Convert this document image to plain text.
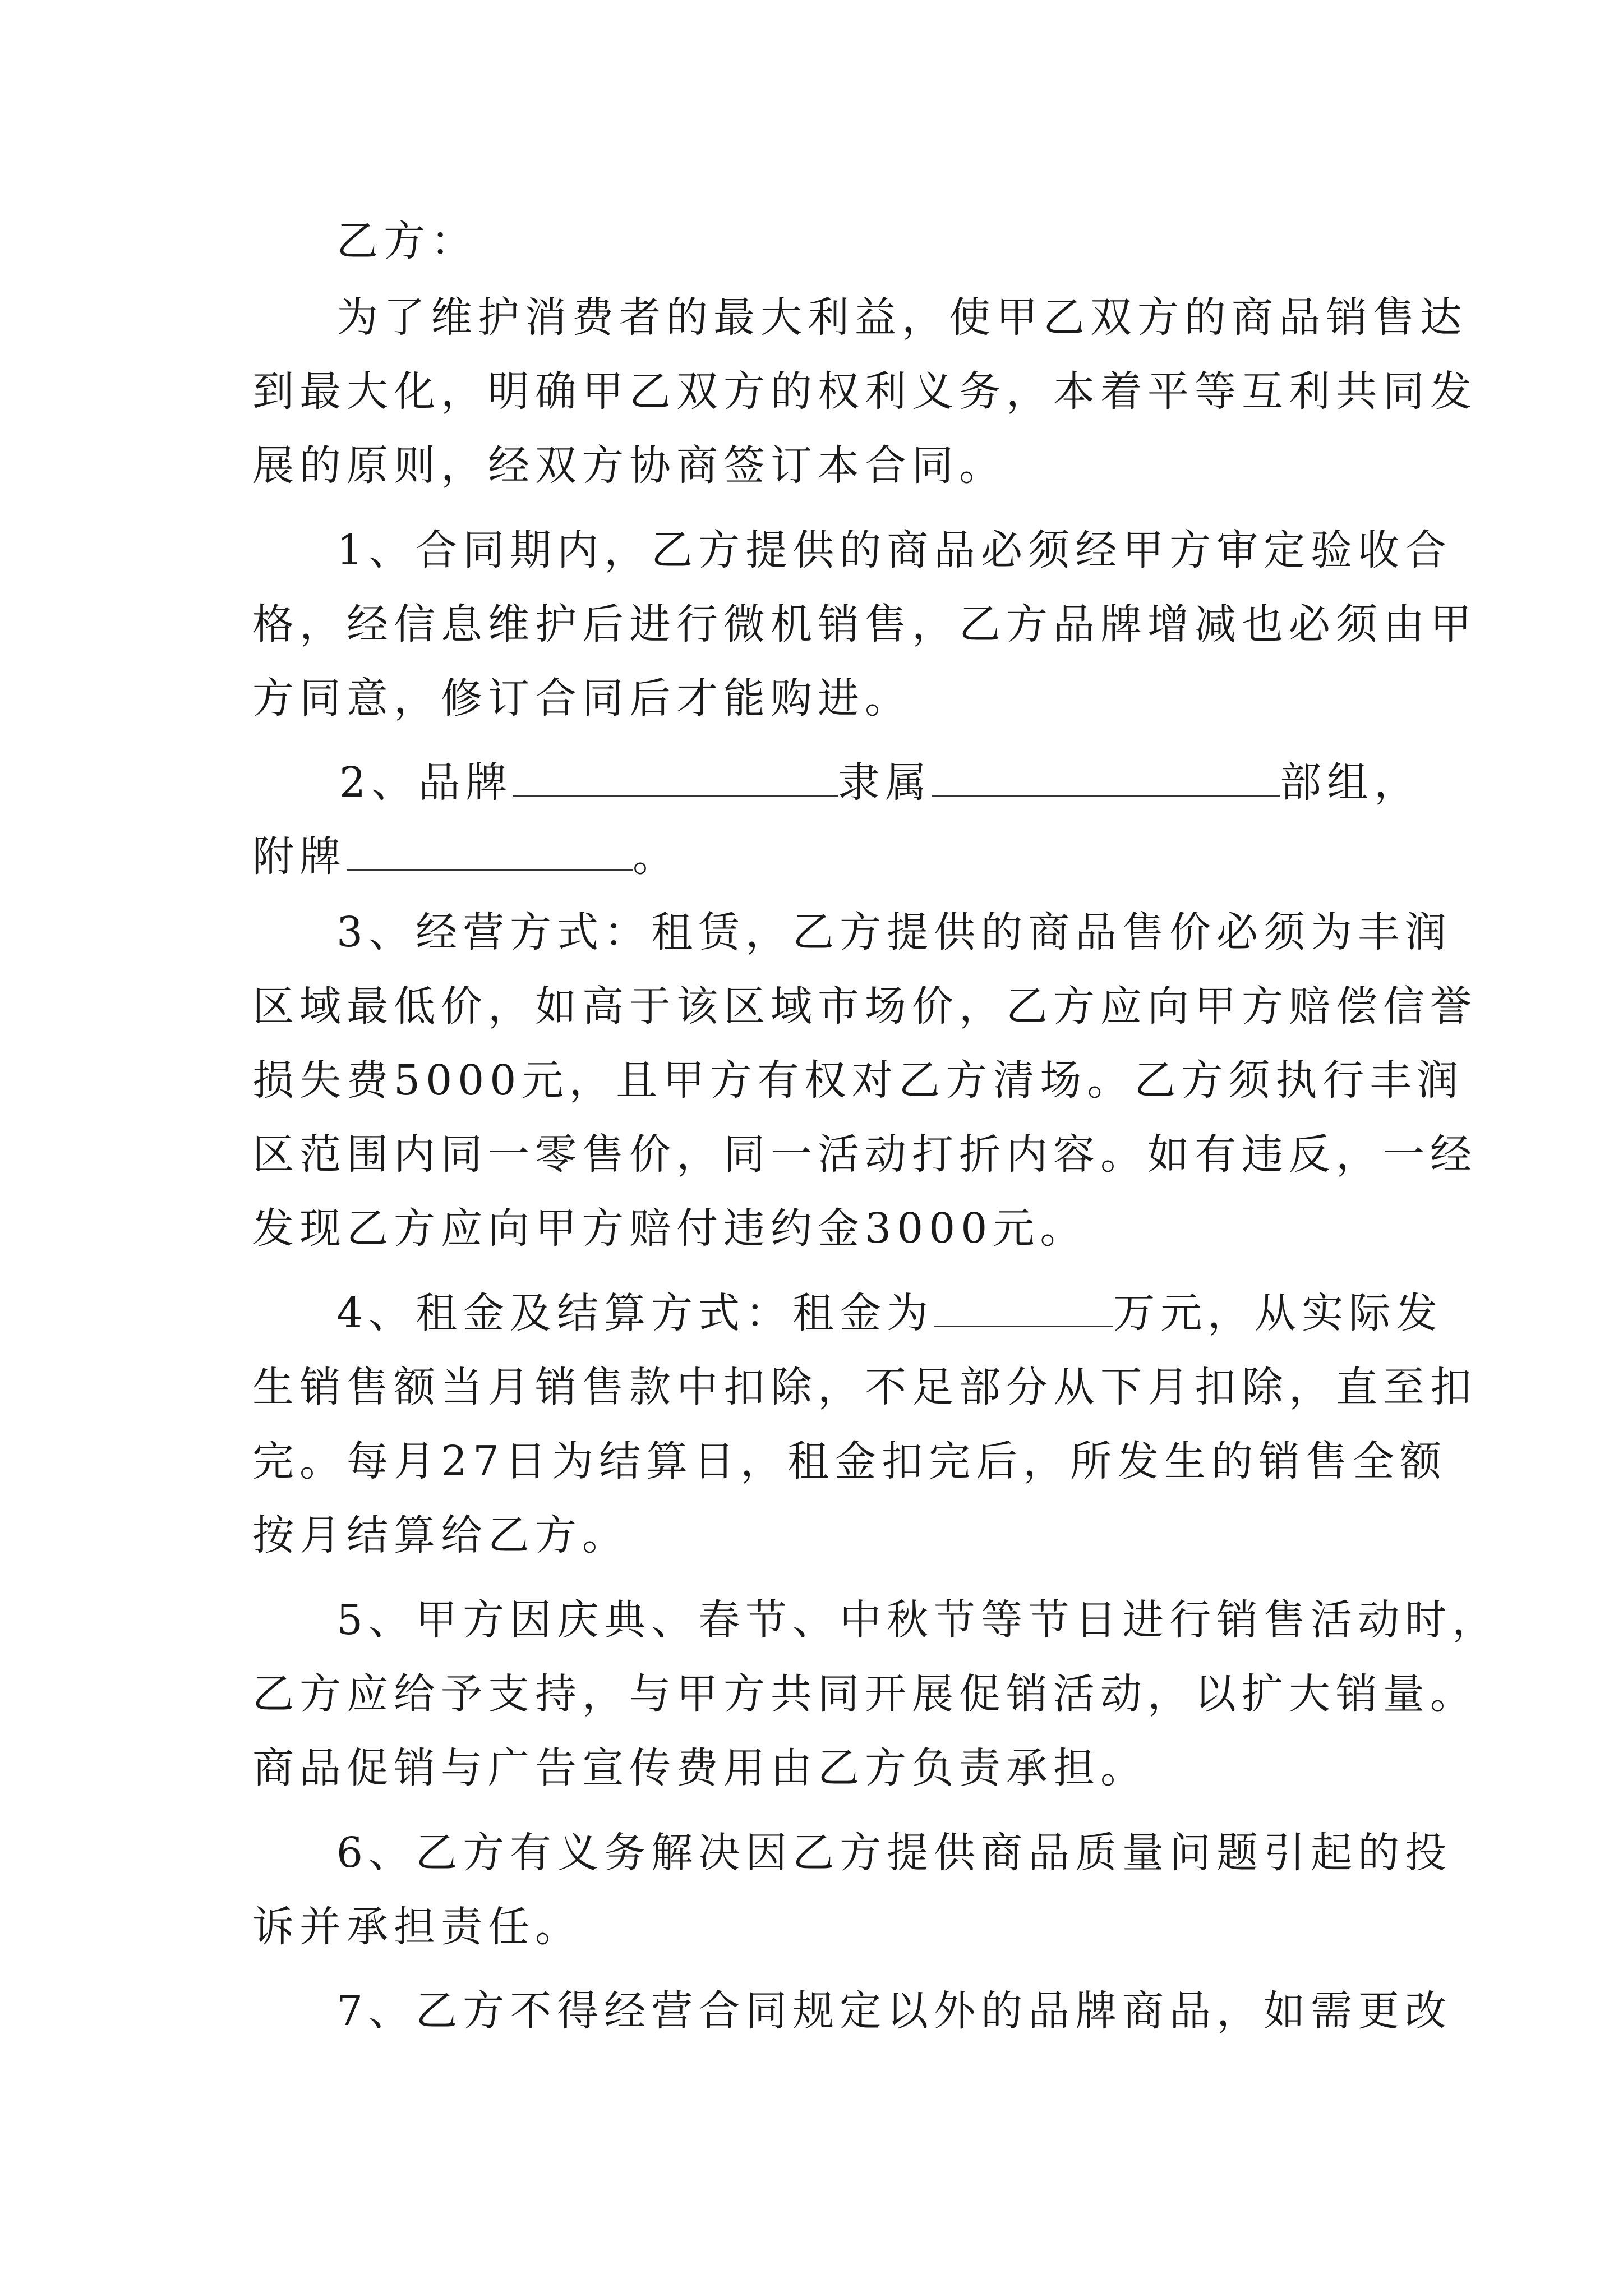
乙方：
为了维护消费者的最大利益，使甲乙双方的商品销售达
到最大化，明确甲乙双方的权利义务，本着平等互利共同发
展的原则，经双方协商签订本合同。
1、合同期内，乙方提供的商品必须经甲方审定验收合
格，经信息维护后进行微机销售，乙方品牌增减也必须由甲
方同意，修订合同后才能购进。
2、品牌	隶属	部组，
附牌	。
3、经营方式：租赁，乙方提供的商品售价必须为丰润
区域最低价，如高于该区域市场价，乙方应向甲方赔偿信誉
损失费5000元，且甲方有权对乙方清场。乙方须执行丰润
区范围内同一零售价，同一活动打折内容。如有违反，一经
发现乙方应向甲方赔付违约金3000元。
4、租金及结算方式：租金为	万元，从实际发
生销售额当月销售款中扣除，不足部分从下月扣除，直至扣
完。每月27日为结算日，租金扣完后，所发生的销售全额
按月结算给乙方。
5、甲方因庆典、春节、中秋节等节日进行销售活动时，
乙方应给予支持，与甲方共同开展促销活动，以扩大销量。
商品促销与广告宣传费用由乙方负责承担。
6、乙方有义务解决因乙方提供商品质量问题引起的投
诉并承担责任。
7、乙方不得经营合同规定以外的品牌商品，如需更改
